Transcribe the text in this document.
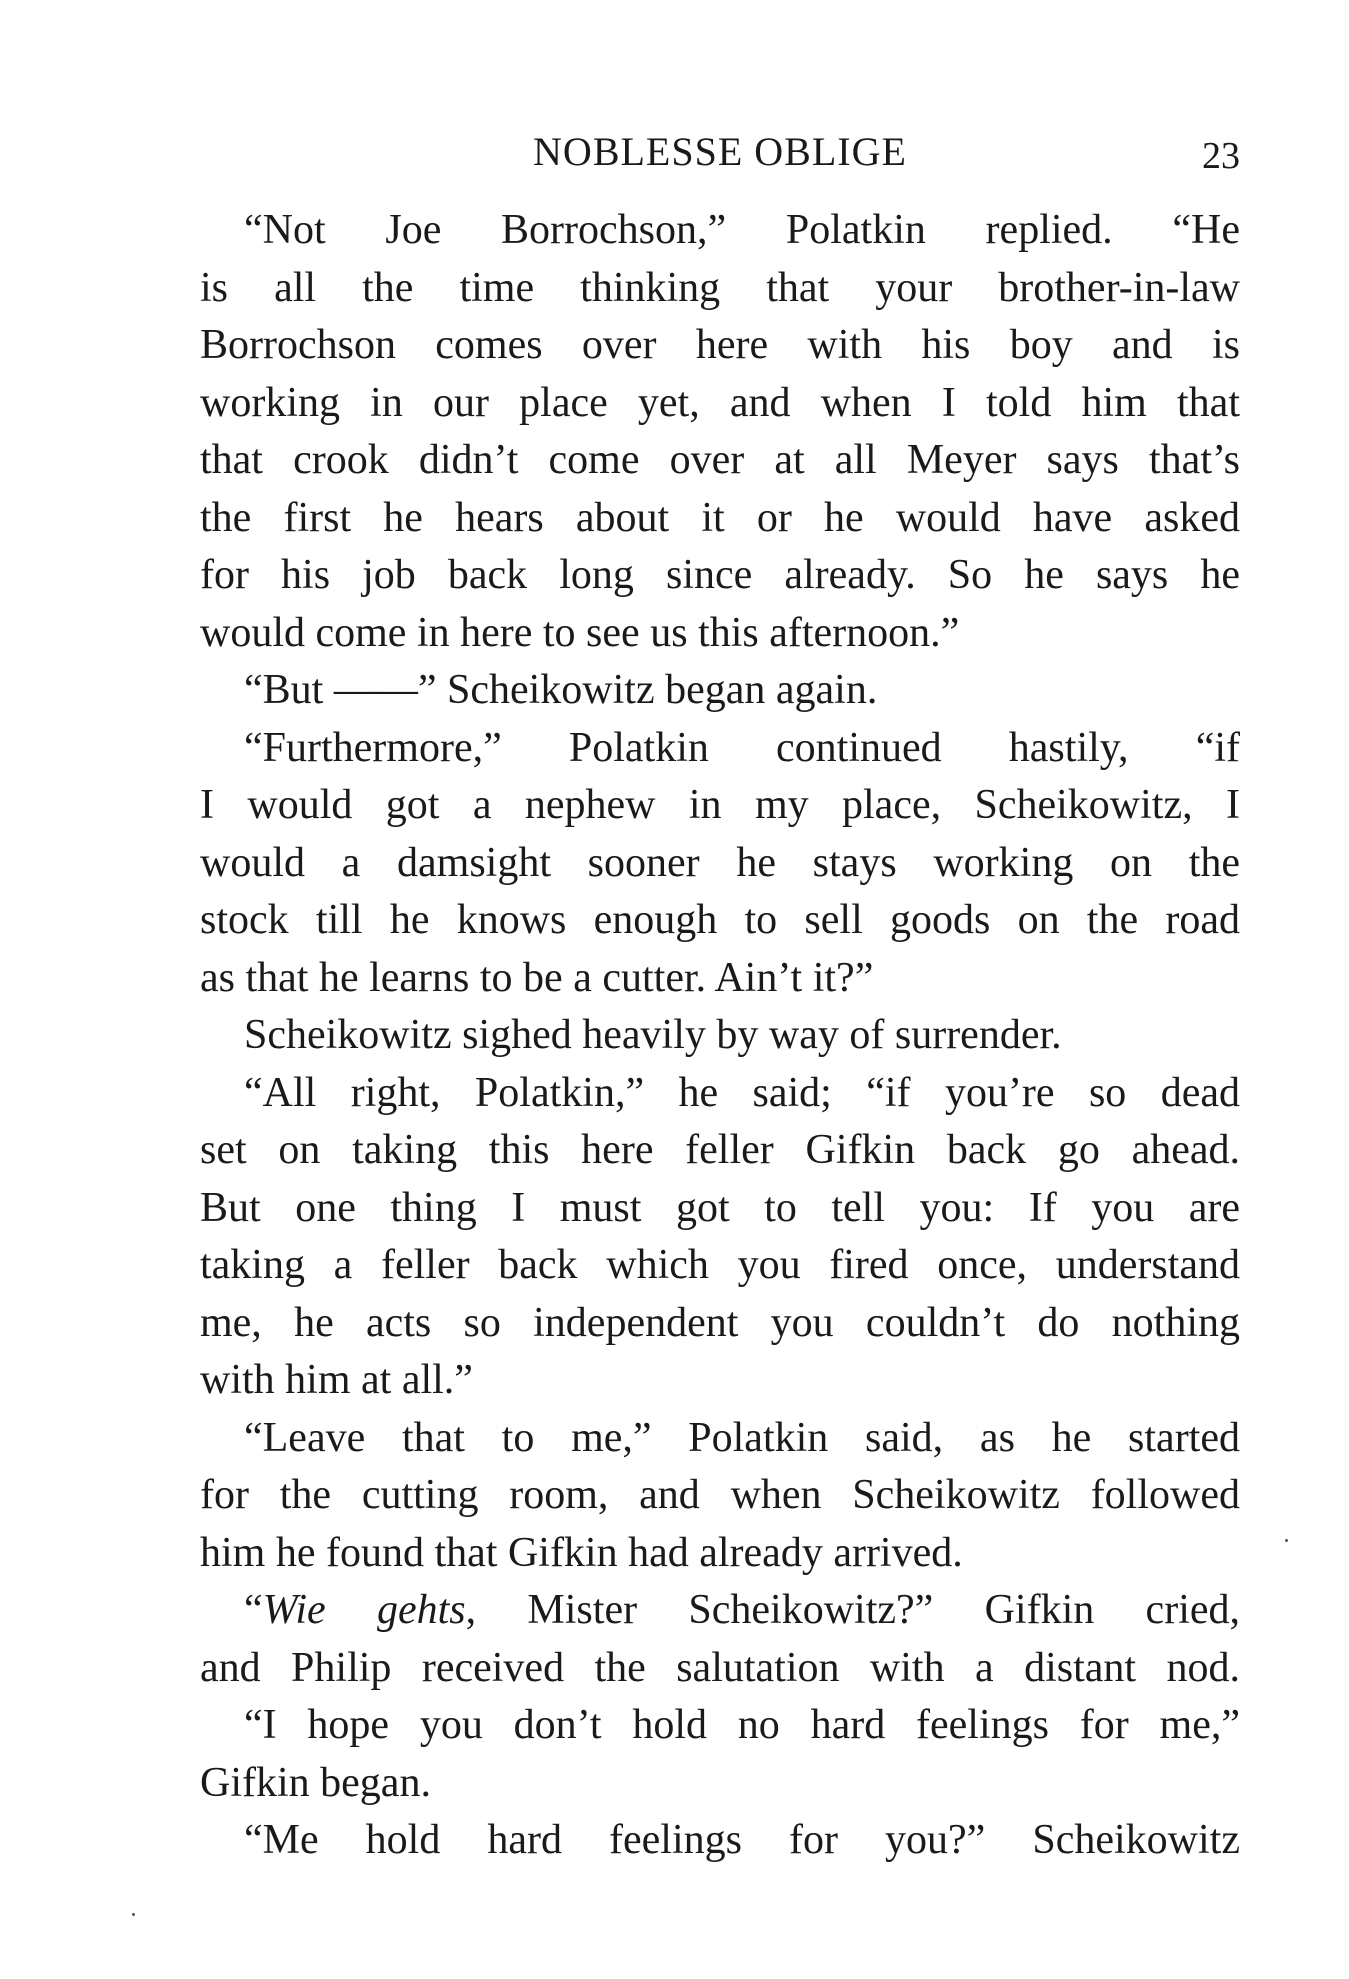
NOBLESSE OBLIGE	23
“Not Joe Borrochson,” Polatkin replied. “He
is all the time thinking that your brother-in-law
Borrochson comes over here with his boy and is
working in our place yet, and when I told him that
that crook didn’t come over at all Meyer says that’s
the first he hears about it or he would have asked
for his job back long since already. So he says he
would come in here to see us this afternoon.”
“But ——” Scheikowitz began again.
“Furthermore,” Polatkin continued hastily, “if
I would got a nephew in my place, Scheikowitz, I
would a damsight sooner he stays working on the
stock till he knows enough to sell goods on the road
as that he learns to be a cutter. Ain’t it?”
Scheikowitz sighed heavily by way of surrender.
“All right, Polatkin,” he said; “if you’re so dead
set on taking this here feller Gifkin back go ahead.
But one thing I must got to tell you: If you are
taking a feller back which you fired once, understand
me, he acts so independent you couldn’t do nothing
with him at all.”
“Leave that to me,” Polatkin said, as he started
for the cutting room, and when Scheikowitz followed
him he found that Gifkin had already arrived.
“Wie gehts, Mister Scheikowitz?” Gifkin cried,
and Philip received the salutation with a distant nod.
“I hope you don’t hold no hard feelings for me,”
Gifkin began.
“Me hold hard feelings for you?” Scheikowitz
